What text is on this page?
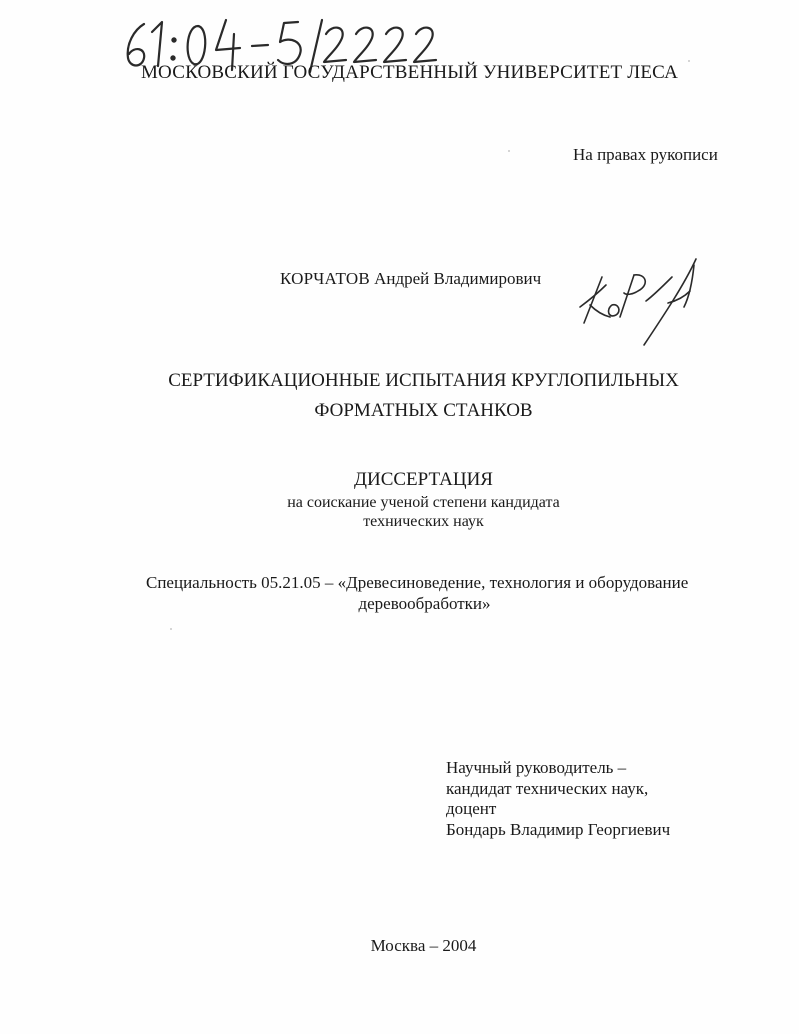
МОСКОВСКИЙ ГОСУДАРСТВЕННЫЙ УНИВЕРСИТЕТ ЛЕСА
На правах рукописи
КОРЧАТОВ Андрей Владимирович
СЕРТИФИКАЦИОННЫЕ ИСПЫТАНИЯ КРУГЛОПИЛЬНЫХ
ФОРМАТНЫХ СТАНКОВ
ДИССЕРТАЦИЯ
на соискание ученой степени кандидата
технических наук
Специальность 05.21.05 – «Древесиноведение, технология и оборудование
деревообработки»
Научный руководитель –
кандидат технических наук,
доцент
Бондарь Владимир Георгиевич
Москва – 2004
